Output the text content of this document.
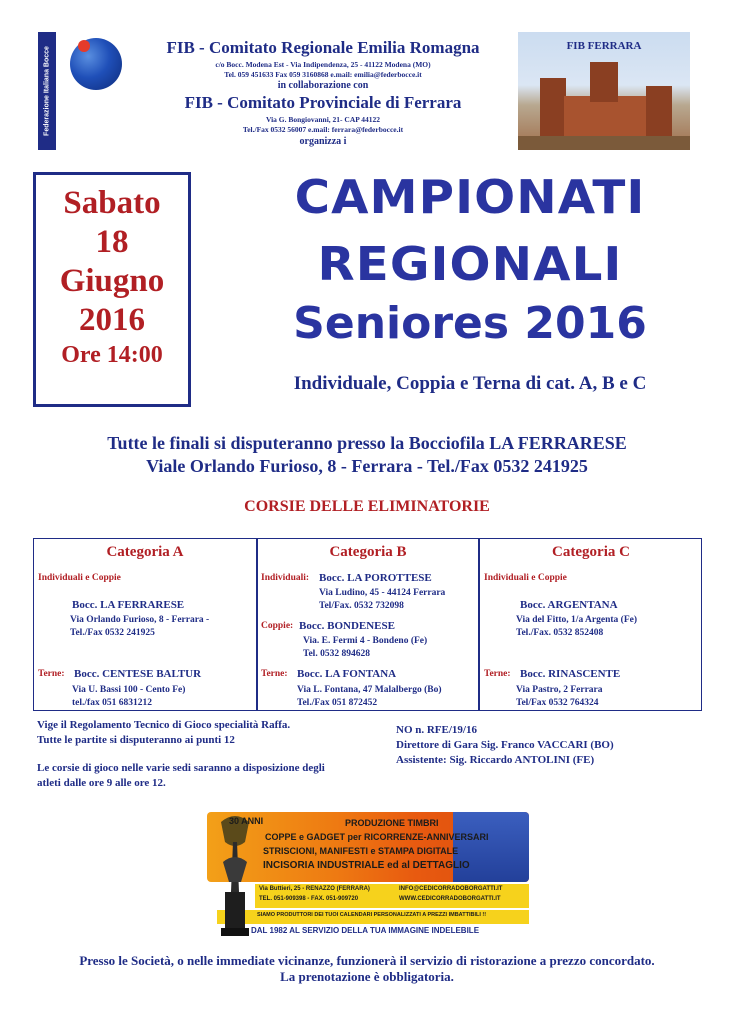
Federazione Italiana Bocce	FIB - Comitato Regionale Emilia Romagna
c/o Bocc. Modena Est - Via Indipendenza, 25 - 41122 Modena (MO)
Tel. 059 451633 Fax 059 3160868 e.mail: emilia@federbocce.it
in collaborazione con
FIB - Comitato Provinciale di Ferrara
Via G. Bongiovanni, 21- CAP 44122
Tel./Fax 0532 56007 e.mail: ferrara@federbocce.it
organizza i
FIB FERRARA
Sabato
18
Giugno
2016
Ore 14:00
CAMPIONATI
REGIONALI
Seniores 2016
Individuale, Coppia e Terna di cat. A, B e C
Tutte le finali si disputeranno presso la Bocciofila LA FERRARESE
Viale Orlando Furioso, 8 - Ferrara - Tel./Fax 0532 241925
CORSIE DELLE ELIMINATORIE
Categoria A
Individuali e Coppie
Bocc. LA FERRARESE
Via Orlando Furioso, 8 - Ferrara -
Tel./Fax 0532 241925
Terne: Bocc. CENTESE BALTUR
Via U. Bassi 100 - Cento Fe)
tel./fax 051 6831212
Categoria B
Individuali: Bocc. LA POROTTESE
Via Ludino, 45 - 44124 Ferrara
Tel/Fax. 0532 732098
Coppie: Bocc. BONDENESE
Via. E. Fermi 4 - Bondeno (Fe)
Tel. 0532 894628
Terne: Bocc. LA FONTANA
Via L. Fontana, 47 Malalbergo (Bo)
Tel./Fax 051 872452
Categoria C
Individuali e Coppie
Bocc. ARGENTANA
Via del Fitto, 1/a Argenta (Fe)
Tel./Fax. 0532 852408
Terne: Bocc. RINASCENTE
Via Pastro, 2 Ferrara
Tel/Fax 0532 764324
Vige il Regolamento Tecnico di Gioco specialità Raffa.
Tutte le partite si disputeranno ai punti 12
Le corsie di gioco nelle varie sedi saranno a disposizione degli
atleti dalle ore 9 alle ore 12.
NO n. RFE/19/16
Direttore di Gara Sig. Franco VACCARI (BO)
Assistente: Sig. Riccardo ANTOLINI (FE)
30 ANNI	PRODUZIONE TIMBRI
COPPE e GADGET per RICORRENZE-ANNIVERSARI
STRISCIONI, MANIFESTI e STAMPA DIGITALE
INCISORIA INDUSTRIALE ed al DETTAGLIO
Via Buttieri, 25 - RENAZZO (FERRARA)
TEL. 051-909398 - FAX. 051-909720
INFO@CEDICORRADOBORGATTI.IT
WWW.CEDICORRADOBORGATTI.IT
SIAMO PRODUTTORI DEI TUOI CALENDARI PERSONALIZZATI A PREZZI IMBATTIBILI !!
DAL 1982 AL SERVIZIO DELLA TUA IMMAGINE INDELEBILE
Presso le Società, o nelle immediate vicinanze, funzionerà il servizio di ristorazione a prezzo concordato.
La prenotazione è obbligatoria.
